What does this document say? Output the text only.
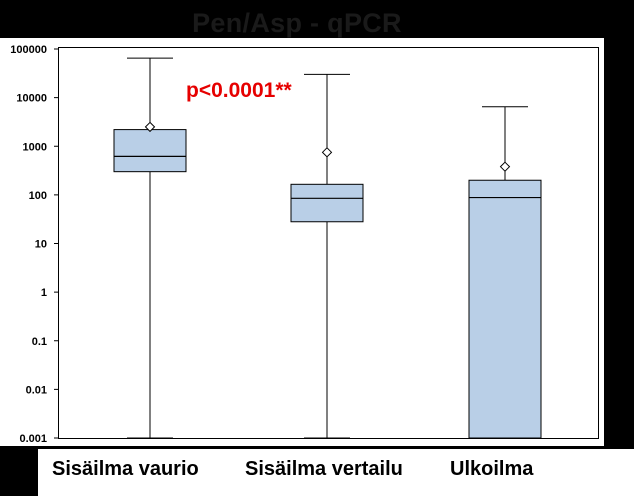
Pen/Asp - qPCR
100000
10000
1000
100
10
1
0.1
0.01
0.001
p<0.0001**
Sisäilma vaurio Sisäilma vertailu Ulkoilma
